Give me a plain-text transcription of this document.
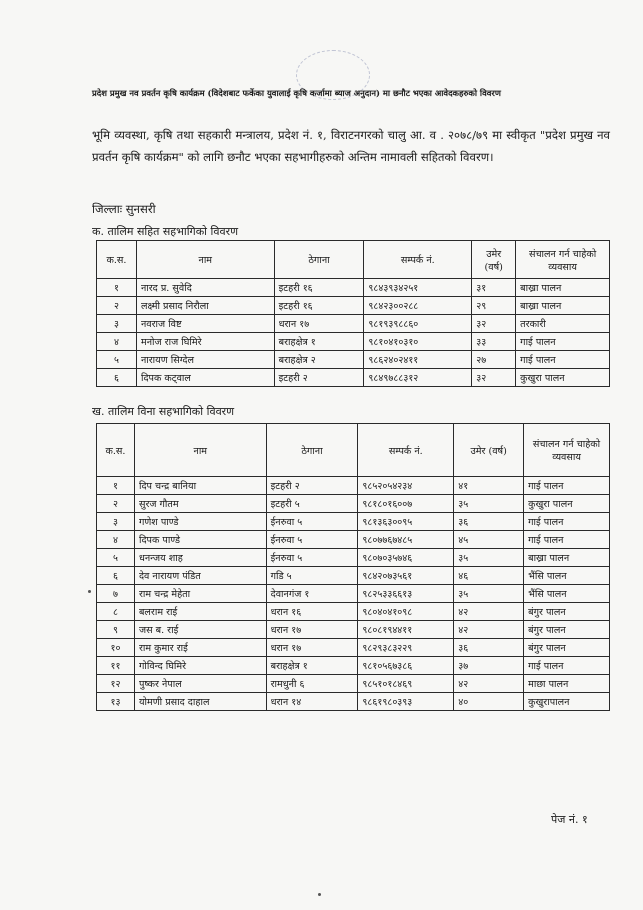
प्रदेश प्रमुख नव प्रवर्तन कृषि कार्यक्रम (विदेशबाट फर्केका युवालाई कृषि कर्जामा ब्याज अनुदान) मा छनौट भएका आवेदकहरुको विवरण
भूमि व्यवस्था, कृषि तथा सहकारी मन्त्रालय, प्रदेश नं. १, विराटनगरको चालु आ. व . २०७८/७९ मा स्वीकृत "प्रदेश प्रमुख नव प्रवर्तन कृषि कार्यक्रम" को लागि छनौट भएका सहभागीहरुको अन्तिम नामावली सहितको विवरण।
जिल्लाः सुनसरी
क. तालिम सहित सहभागिको विवरण
क.स.	नाम	ठेगाना	सम्पर्क नं.	उमेर (वर्ष)	संचालन गर्न चाहेको व्यवसाय
१	नारद प्र. सुवेदि	इटहरी १६	९८४३९३४२५१	३१	बाख्रा पालन
२	लक्ष्मी प्रसाद निरौला	इटहरी १६	९८४२३००२८८	२९	बाख्रा पालन
३	नवराज विष्ट	धरान १७	९८१९३९८८६०	३२	तरकारी
४	मनोज राज घिमिरे	बराहक्षेत्र १	९८१०४१०३१०	३३	गाई पालन
५	नारायण सिग्देल	बराहक्षेत्र २	९८६२४०२४११	२७	गाई पालन
६	दिपक कट्वाल	इटहरी २	९८४९७८८३१२	३२	कुखुरा पालन
ख. तालिम विना सहभागिको विवरण
क.स.	नाम	ठेगाना	सम्पर्क नं.	उमेर (वर्ष)	संचालन गर्न चाहेको व्यवसाय
१	दिप चन्द्र बानिया	इटहरी २	९८५२०५४२३४	४१	गाई पालन
२	सुरज गौतम	इटहरी ५	९८१८०१६००७	३५	कुखुरा पालन
३	गणेश पाण्डे	ईनरुवा ५	९८१३६३००९५	३६	गाई पालन
४	दिपक पाण्डे	ईनरुवा ५	९८०७७६७४८५	४५	गाई पालन
५	धनन्जय शाह	ईनरुवा ५	९८०७०३५७४६	३५	बाख्रा पालन
६	देव नारायण पंडित	गडि ५	९८४२०७३५६१	४६	भैंसि पालन
७	राम चन्द्र मेहेता	देवानगंज १	९८२५३३६६१३	३५	भैंसि पालन
८	बलराम राई	धरान १६	९८०४०४१०९८	४२	बंगुर पालन
९	जस ब. राई	धरान १७	९८०८१९४४११	४२	बंगुर पालन
१०	राम कुमार राई	धरान १७	९८२९३८३२२९	३६	बंगुर पालन
११	गोविन्द घिमिरे	बराहक्षेत्र १	९८१०५६७३८६	३७	गाई पालन
१२	पुष्कर नेपाल	रामधुनी ६	९८५१०१८४६९	४२	माछा पालन
१३	योमणी प्रसाद दाहाल	धरान १४	९८६१९८०३९३	४०	कुखुरापालन
पेज नं. १
